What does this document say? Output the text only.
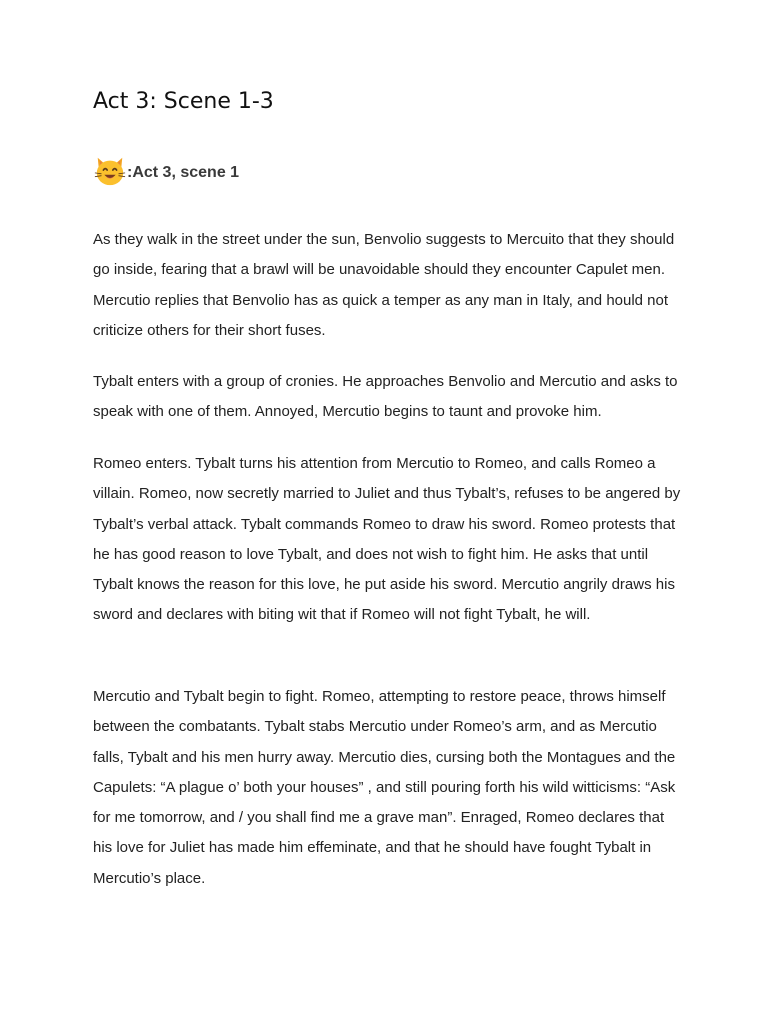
Act 3: Scene 1-3
: Act 3, scene 1

As they walk in the street under the sun, Benvolio suggests to Mercuito that they should go inside, fearing that a brawl will be unavoidable should they encounter Capulet men. Mercutio replies that Benvolio has as quick a temper as any man in Italy, and hould not criticize others for their short fuses.

Tybalt enters with a group of cronies. He approaches Benvolio and Mercutio and asks to speak with one of them. Annoyed, Mercutio begins to taunt and provoke him.

Romeo enters. Tybalt turns his attention from Mercutio to Romeo, and calls Romeo a villain. Romeo, now secretly married to Juliet and thus Tybalt’s, refuses to be angered by Tybalt’s verbal attack. Tybalt commands Romeo to draw his sword. Romeo protests that he has good reason to love Tybalt, and does not wish to fight him. He asks that until Tybalt knows the reason for this love, he put aside his sword. Mercutio angrily draws his sword and declares with biting wit that if Romeo will not fight Tybalt, he will.

Mercutio and Tybalt begin to fight. Romeo, attempting to restore peace, throws himself between the combatants. Tybalt stabs Mercutio under Romeo’s arm, and as Mercutio falls, Tybalt and his men hurry away. Mercutio dies, cursing both the Montagues and the Capulets: “A plague o’ both your houses” , and still pouring forth his wild witticisms: “Ask for me tomorrow, and / you shall find me a grave man”. Enraged, Romeo declares that his love for Juliet has made him effeminate, and that he should have fought Tybalt in Mercutio’s place.
